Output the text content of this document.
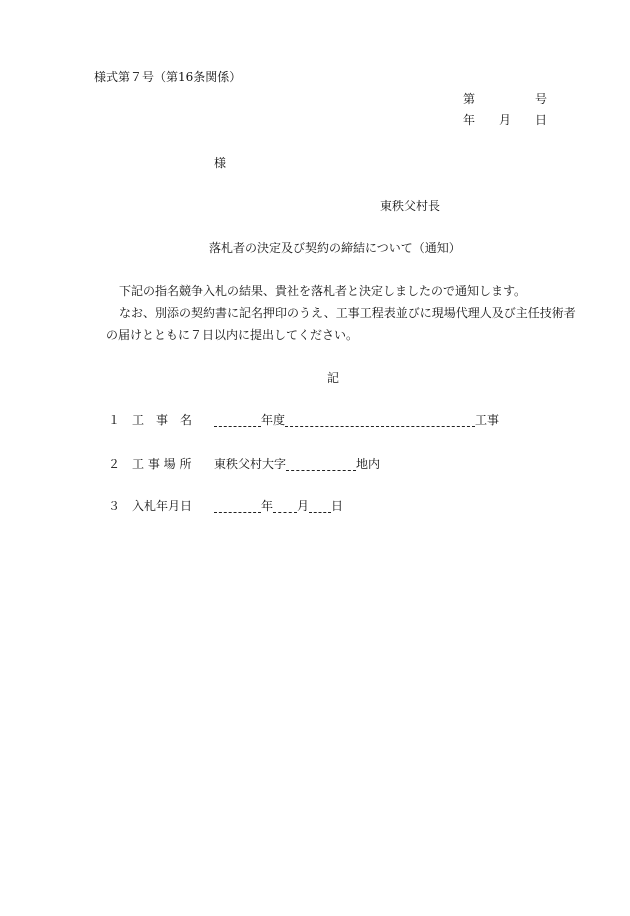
様式第７号（第16条関係）
第	号
年 月 日
様
東秩父村長
落札者の決定及び契約の締結について（通知）
下記の指名競争入札の結果、貴社を落札者と決定しましたので通知します。
なお、別添の契約書に記名押印のうえ、工事工程表並びに現場代理人及び主任技術者
の届けとともに７日以内に提出してください。
記
１ 工　事　名	年度	工事
２ 工 事 場 所 東秩父村大字	地内
３ 入札年月日	年 月 日
